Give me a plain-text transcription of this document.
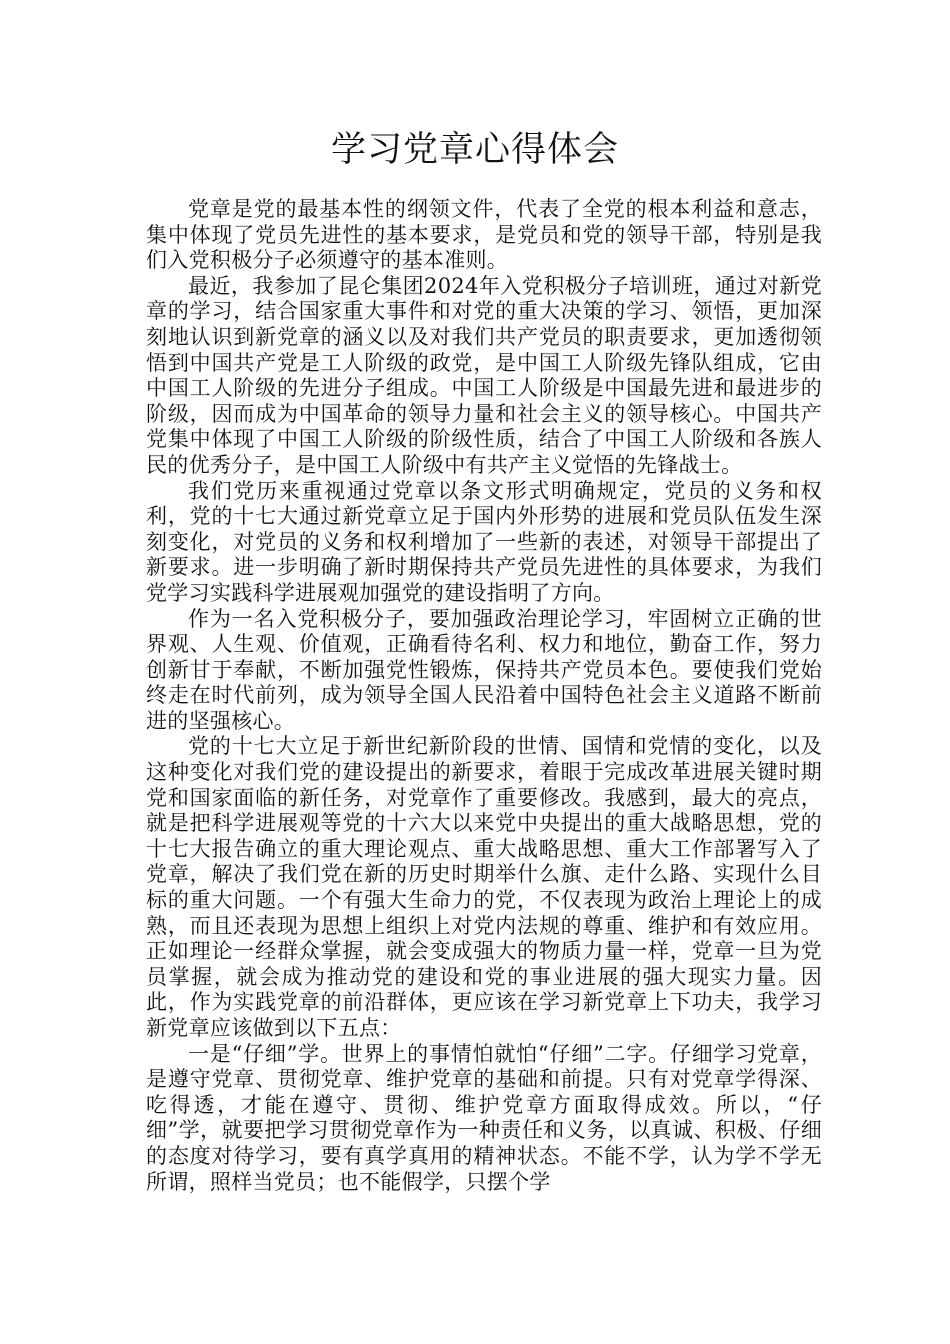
学习党章心得体会

党章是党的最基本性的纲领文件，代表了全党的根本利益和意志，集中体现了党员先进性的基本要求，是党员和党的领导干部，特别是我们入党积极分子必须遵守的基本准则。

最近，我参加了昆仑集团2024年入党积极分子培训班，通过对新党章的学习，结合国家重大事件和对党的重大决策的学习、领悟，更加深刻地认识到新党章的涵义以及对我们共产党员的职责要求，更加透彻领悟到中国共产党是工人阶级的政党，是中国工人阶级先锋队组成，它由中国工人阶级的先进分子组成。中国工人阶级是中国最先进和最进步的阶级，因而成为中国革命的领导力量和社会主义的领导核心。中国共产党集中体现了中国工人阶级的阶级性质，结合了中国工人阶级和各族人民的优秀分子，是中国工人阶级中有共产主义觉悟的先锋战士。

我们党历来重视通过党章以条文形式明确规定，党员的义务和权利，党的十七大通过新党章立足于国内外形势的进展和党员队伍发生深刻变化，对党员的义务和权利增加了一些新的表述，对领导干部提出了新要求。进一步明确了新时期保持共产党员先进性的具体要求，为我们党学习实践科学进展观加强党的建设指明了方向。

作为一名入党积极分子，要加强政治理论学习，牢固树立正确的世界观、人生观、价值观，正确看待名利、权力和地位，勤奋工作，努力创新甘于奉献，不断加强党性锻炼，保持共产党员本色。要使我们党始终走在时代前列，成为领导全国人民沿着中国特色社会主义道路不断前进的坚强核心。

党的十七大立足于新世纪新阶段的世情、国情和党情的变化，以及这种变化对我们党的建设提出的新要求，着眼于完成改革进展关键时期党和国家面临的新任务，对党章作了重要修改。我感到，最大的亮点，就是把科学进展观等党的十六大以来党中央提出的重大战略思想，党的十七大报告确立的重大理论观点、重大战略思想、重大工作部署写入了党章，解决了我们党在新的历史时期举什么旗、走什么路、实现什么目标的重大问题。一个有强大生命力的党，不仅表现为政治上理论上的成熟，而且还表现为思想上组织上对党内法规的尊重、维护和有效应用。正如理论一经群众掌握，就会变成强大的物质力量一样，党章一旦为党员掌握，就会成为推动党的建设和党的事业进展的强大现实力量。因此，作为实践党章的前沿群体，更应该在学习新党章上下功夫，我学习新党章应该做到以下五点：

一是“仔细”学。世界上的事情怕就怕“仔细”二字。仔细学习党章，是遵守党章、贯彻党章、维护党章的基础和前提。只有对党章学得深、吃得透，才能在遵守、贯彻、维护党章方面取得成效。所以，“仔细”学，就要把学习贯彻党章作为一种责任和义务，以真诚、积极、仔细的态度对待学习，要有真学真用的精神状态。不能不学，认为学不学无所谓，照样当党员；也不能假学，只摆个学
